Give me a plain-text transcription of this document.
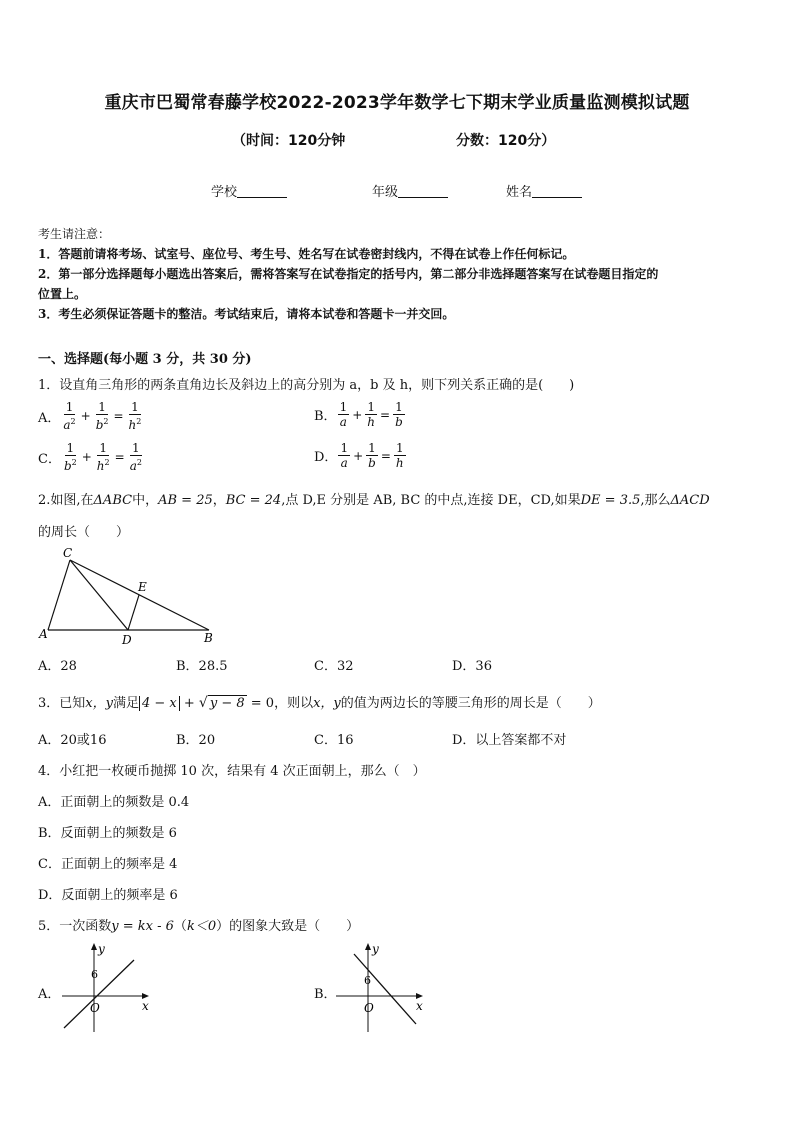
重庆市巴蜀常春藤学校2022-2023学年数学七下期末学业质量监测模拟试题
（时间：120分钟	分数：120分）
学校	年级	姓名

考生请注意：

1．答题前请将考场、试室号、座位号、考生号、姓名写在试卷密封线内，不得在试卷上作任何标记。

2．第一部分选择题每小题选出答案后，需将答案写在试卷指定的括号内，第二部分非选择题答案写在试卷题目指定的

位置上。

3．考生必须保证答题卡的整洁。考试结束后，请将本试卷和答题卡一并交回。

一、选择题(每小题 3 分，共 30 分)
1．设直角三角形的两条直角边长及斜边上的高分别为 a，b 及 h，则下列关系正确的是(　　)
A． $\frac{1}{a^2} + \frac{1}{b^2} = \frac{1}{h^2}$	B． $\frac{1}{a} + \frac{1}{h} = \frac{1}{b}$
C． $\frac{1}{b^2} + \frac{1}{h^2} = \frac{1}{a^2}$	D． $\frac{1}{a} + \frac{1}{b} = \frac{1}{h}$
2.如图,在ΔABC中，AB = 25，BC = 24,点 D,E 分别是 AB, BC 的中点,连接 DE，CD,如果DE = 3.5,那么ΔACD
的周长（　　）
C
E
A	D	B
A．28	B．28.5	C．32	D．36
3．已知x，y满足 4 − x + √ y − 8 = 0，则以x，y的值为两边长的等腰三角形的周长是（　　）
A．20或16	B．20	C．16	D．以上答案都不对
4．小红把一枚硬币抛掷 10 次，结果有 4 次正面朝上，那么（　）
A．正面朝上的频数是 0.4
B．反面朝上的频数是 6
C．正面朝上的频率是 4
D．反面朝上的频率是 6
5．一次函数y = kx - 6（k＜0）的图象大致是（　　）
A．
y
x
6
O
B．
y
x
6
O
